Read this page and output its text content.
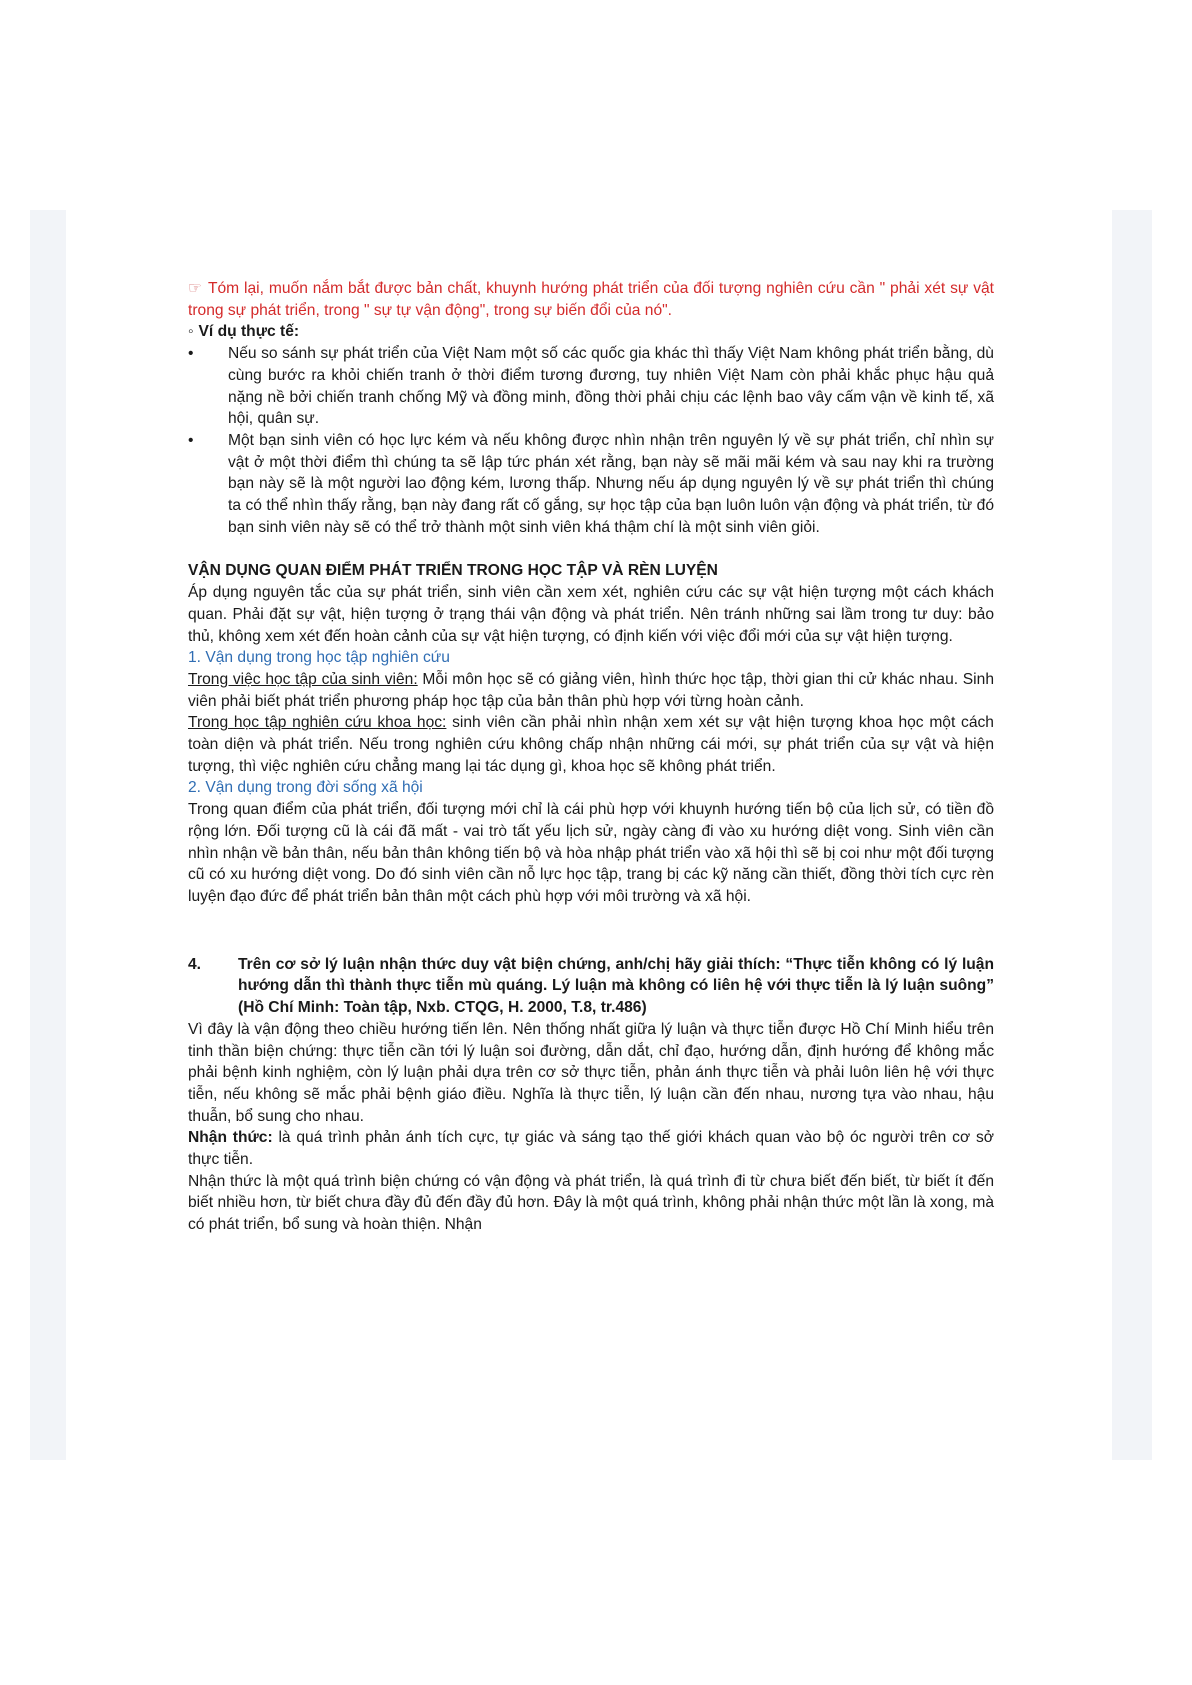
☞ Tóm lại, muốn nắm bắt được bản chất, khuynh hướng phát triển của đối tượng nghiên cứu cần " phải xét sự vật trong sự phát triển, trong " sự tự vận động", trong sự biến đổi của nó".

◦ Ví dụ thực tế:

• Nếu so sánh sự phát triển của Việt Nam một số các quốc gia khác thì thấy Việt Nam không phát triển bằng, dù cùng bước ra khỏi chiến tranh ở thời điểm tương đương, tuy nhiên Việt Nam còn phải khắc phục hậu quả nặng nề bởi chiến tranh chống Mỹ và đồng minh, đồng thời phải chịu các lệnh bao vây cấm vận về kinh tế, xã hội, quân sự.
• Một bạn sinh viên có học lực kém và nếu không được nhìn nhận trên nguyên lý về sự phát triển, chỉ nhìn sự vật ở một thời điểm thì chúng ta sẽ lập tức phán xét rằng, bạn này sẽ mãi mãi kém và sau nay khi ra trường bạn này sẽ là một người lao động kém, lương thấp. Nhưng nếu áp dụng nguyên lý về sự phát triển thì chúng ta có thể nhìn thấy rằng, bạn này đang rất cố gắng, sự học tập của bạn luôn luôn vận động và phát triển, từ đó bạn sinh viên này sẽ có thể trở thành một sinh viên khá thậm chí là một sinh viên giỏi.

VẬN DỤNG QUAN ĐIỂM PHÁT TRIỂN TRONG HỌC TẬP VÀ RÈN LUYỆN

Áp dụng nguyên tắc của sự phát triển, sinh viên cần xem xét, nghiên cứu các sự vật hiện tượng một cách khách quan. Phải đặt sự vật, hiện tượng ở trạng thái vận động và phát triển. Nên tránh những sai lầm trong tư duy: bảo thủ, không xem xét đến hoàn cảnh của sự vật hiện tượng, có định kiến với việc đổi mới của sự vật hiện tượng.

1. Vận dụng trong học tập nghiên cứu

Trong việc học tập của sinh viên: Mỗi môn học sẽ có giảng viên, hình thức học tập, thời gian thi cử khác nhau. Sinh viên phải biết phát triển phương pháp học tập của bản thân phù hợp với từng hoàn cảnh.

Trong học tập nghiên cứu khoa học: sinh viên cần phải nhìn nhận xem xét sự vật hiện tượng khoa học một cách toàn diện và phát triển. Nếu trong nghiên cứu không chấp nhận những cái mới, sự phát triển của sự vật và hiện tượng, thì việc nghiên cứu chẳng mang lại tác dụng gì, khoa học sẽ không phát triển.

2. Vận dụng trong đời sống xã hội

Trong quan điểm của phát triển, đối tượng mới chỉ là cái phù hợp với khuynh hướng tiến bộ của lịch sử, có tiền đồ rộng lớn. Đối tượng cũ là cái đã mất - vai trò tất yếu lịch sử, ngày càng đi vào xu hướng diệt vong. Sinh viên cần nhìn nhận về bản thân, nếu bản thân không tiến bộ và hòa nhập phát triển vào xã hội thì sẽ bị coi như một đối tượng cũ có xu hướng diệt vong. Do đó sinh viên cần nỗ lực học tập, trang bị các kỹ năng cần thiết, đồng thời tích cực rèn luyện đạo đức để phát triển bản thân một cách phù hợp với môi trường và xã hội.

4. Trên cơ sở lý luận nhận thức duy vật biện chứng, anh/chị hãy giải thích: “Thực tiễn không có lý luận hướng dẫn thì thành thực tiễn mù quáng. Lý luận mà không có liên hệ với thực tiễn là lý luận suông” (Hồ Chí Minh: Toàn tập, Nxb. CTQG, H. 2000, T.8, tr.486)

Vì đây là vận động theo chiều hướng tiến lên. Nên thống nhất giữa lý luận và thực tiễn được Hồ Chí Minh hiểu trên tinh thần biện chứng: thực tiễn cần tới lý luận soi đường, dẫn dắt, chỉ đạo, hướng dẫn, định hướng để không mắc phải bệnh kinh nghiệm, còn lý luận phải dựa trên cơ sở thực tiễn, phản ánh thực tiễn và phải luôn liên hệ với thực tiễn, nếu không sẽ mắc phải bệnh giáo điều. Nghĩa là thực tiễn, lý luận cần đến nhau, nương tựa vào nhau, hậu thuẫn, bổ sung cho nhau.

Nhận thức: là quá trình phản ánh tích cực, tự giác và sáng tạo thế giới khách quan vào bộ óc người trên cơ sở thực tiễn.

Nhận thức là một quá trình biện chứng có vận động và phát triển, là quá trình đi từ chưa biết đến biết, từ biết ít đến biết nhiều hơn, từ biết chưa đầy đủ đến đầy đủ hơn. Đây là một quá trình, không phải nhận thức một lần là xong, mà có phát triển, bổ sung và hoàn thiện. Nhận
